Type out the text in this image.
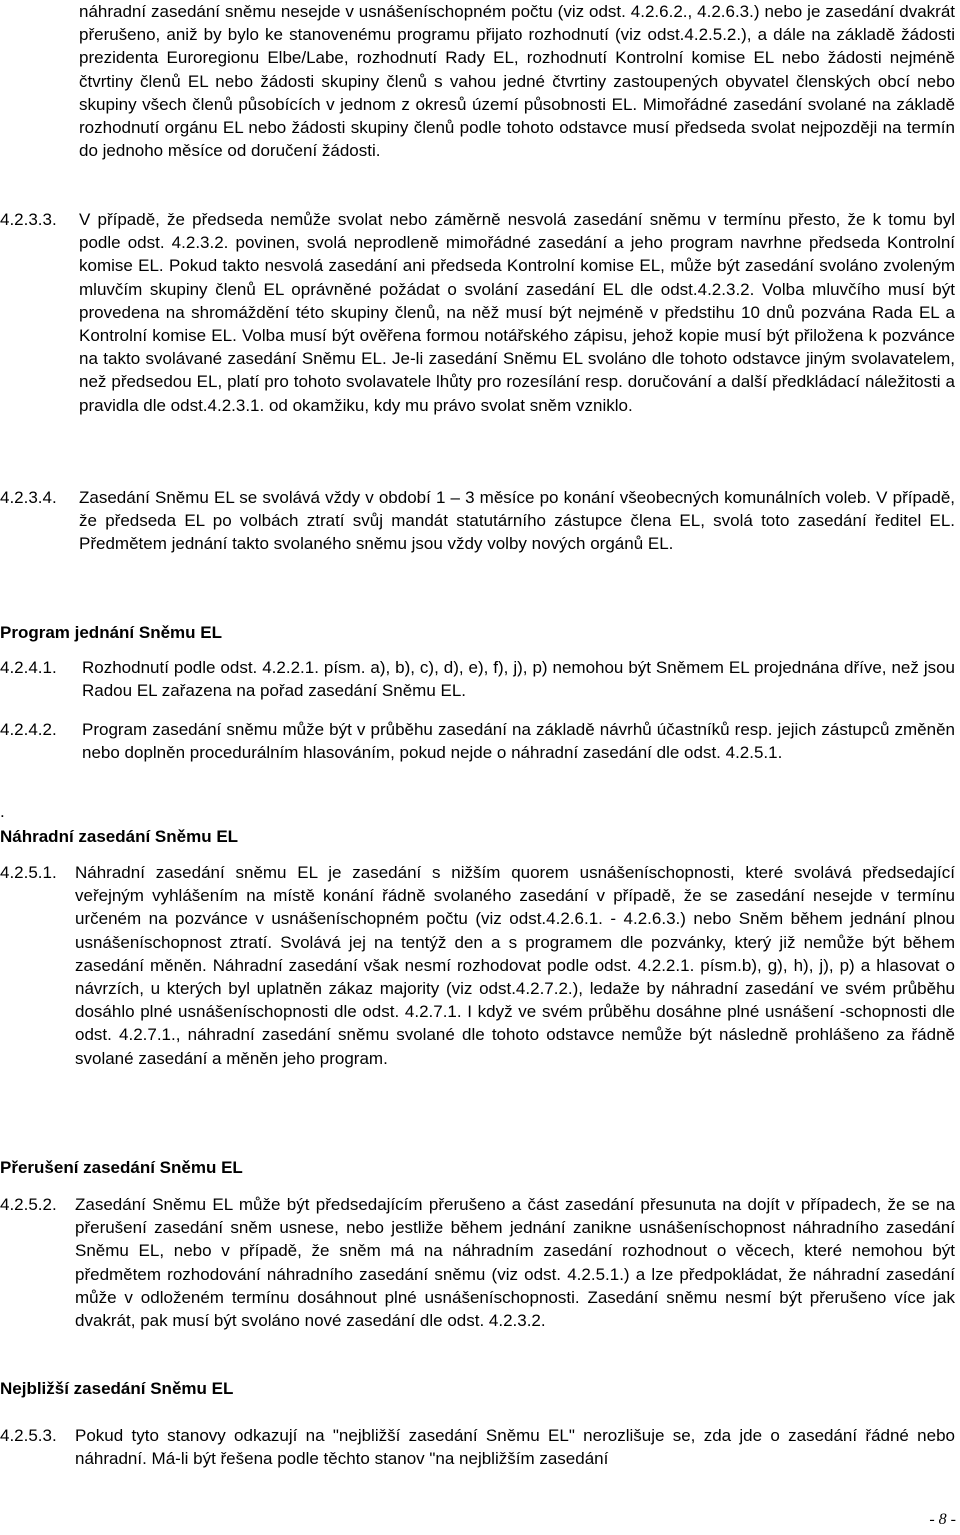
náhradní zasedání sněmu nesejde v usnášeníschopném počtu (viz odst. 4.2.6.2., 4.2.6.3.) nebo je zasedání dvakrát přerušeno, aniž by bylo ke stanovenému programu přijato rozhodnutí (viz odst.4.2.5.2.), a dále na základě žádosti prezidenta Euroregionu Elbe/Labe, rozhodnutí Rady EL, rozhodnutí Kontrolní komise EL nebo žádosti nejméně čtvrtiny členů EL nebo žádosti skupiny členů s vahou jedné čtvrtiny zastoupených obyvatel členských obcí nebo skupiny všech členů působících v jednom z okresů území působnosti EL. Mimořádné zasedání svolané na základě rozhodnutí orgánu EL nebo žádosti skupiny členů podle tohoto odstavce musí předseda svolat nejpozději na termín do jednoho měsíce od doručení žádosti.

4.2.3.3. V případě, že předseda nemůže svolat nebo záměrně nesvolá zasedání sněmu v termínu přesto, že k tomu byl podle odst. 4.2.3.2. povinen, svolá neprodleně mimořádné zasedání a jeho program navrhne předseda Kontrolní komise EL. Pokud takto nesvolá zasedání ani předseda Kontrolní komise EL, může být zasedání svoláno zvoleným mluvčím skupiny členů EL oprávněné požádat o svolání zasedání EL dle odst.4.2.3.2. Volba mluvčího musí být provedena na shromáždění této skupiny členů, na něž musí být nejméně v předstihu 10 dnů pozvána Rada EL a Kontrolní komise EL. Volba musí být ověřena formou notářského zápisu, jehož kopie musí být přiložena k pozvánce na takto svolávané zasedání Sněmu EL. Je-li zasedání Sněmu EL svoláno dle tohoto odstavce jiným svolavatelem, než předsedou EL, platí pro tohoto svolavatele lhůty pro rozesílání resp. doručování a další předkládací náležitosti a pravidla dle odst.4.2.3.1. od okamžiku, kdy mu právo svolat sněm vzniklo.

4.2.3.4. Zasedání Sněmu EL se svolává vždy v období 1 – 3 měsíce po konání všeobecných komunálních voleb. V případě, že předseda EL po volbách ztratí svůj mandát statutárního zástupce člena EL, svolá toto zasedání ředitel EL. Předmětem jednání takto svolaného sněmu jsou vždy volby nových orgánů EL.

Program jednání Sněmu EL
4.2.4.1. Rozhodnutí podle odst. 4.2.2.1. písm. a), b), c), d), e), f), j), p) nemohou být Sněmem EL projednána dříve, než jsou Radou EL zařazena na pořad zasedání Sněmu EL.

4.2.4.2. Program zasedání sněmu může být v průběhu zasedání na základě návrhů účastníků resp. jejich zástupců změněn nebo doplněn procedurálním hlasováním, pokud nejde o náhradní zasedání dle odst. 4.2.5.1.

.
Náhradní zasedání Sněmu EL
4.2.5.1. Náhradní zasedání sněmu EL je zasedání s nižším quorem usnášeníschopnosti, které svolává předsedající veřejným vyhlášením na místě konání řádně svolaného zasedání v případě, že se zasedání nesejde v termínu určeném na pozvánce v usnášeníschopném počtu (viz odst.4.2.6.1. - 4.2.6.3.) nebo Sněm během jednání plnou usnášeníschopnost ztratí. Svolává jej na tentýž den a s programem dle pozvánky, který již nemůže být během zasedání měněn. Náhradní zasedání však nesmí rozhodovat podle odst. 4.2.2.1. písm.b), g), h), j), p) a hlasovat o návrzích, u kterých byl uplatněn zákaz majority (viz odst.4.2.7.2.), ledaže by náhradní zasedání ve svém průběhu dosáhlo plné usnášeníschopnosti dle odst. 4.2.7.1. I když ve svém průběhu dosáhne plné usnášení -schopnosti dle odst. 4.2.7.1., náhradní zasedání sněmu svolané dle tohoto odstavce nemůže být následně prohlášeno za řádně svolané zasedání a měněn jeho program.

Přerušení zasedání Sněmu EL
4.2.5.2. Zasedání Sněmu EL může být předsedajícím přerušeno a část zasedání přesunuta na dojít v případech, že se na přerušení zasedání sněm usnese, nebo jestliže během jednání zanikne usnášeníschopnost náhradního zasedání Sněmu EL, nebo v případě, že sněm má na náhradním zasedání rozhodnout o věcech, které nemohou být předmětem rozhodování náhradního zasedání sněmu (viz odst. 4.2.5.1.) a lze předpokládat, že náhradní zasedání může v odloženém termínu dosáhnout plné usnášeníschopnosti. Zasedání sněmu nesmí být přerušeno více jak dvakrát, pak musí být svoláno nové zasedání dle odst. 4.2.3.2.

Nejbližší zasedání Sněmu EL
4.2.5.3. Pokud tyto stanovy odkazují na "nejbližší zasedání Sněmu EL" nerozlišuje se, zda jde o zasedání řádné nebo náhradní. Má-li být řešena podle těchto stanov "na nejbližším zasedání

- 8 -
